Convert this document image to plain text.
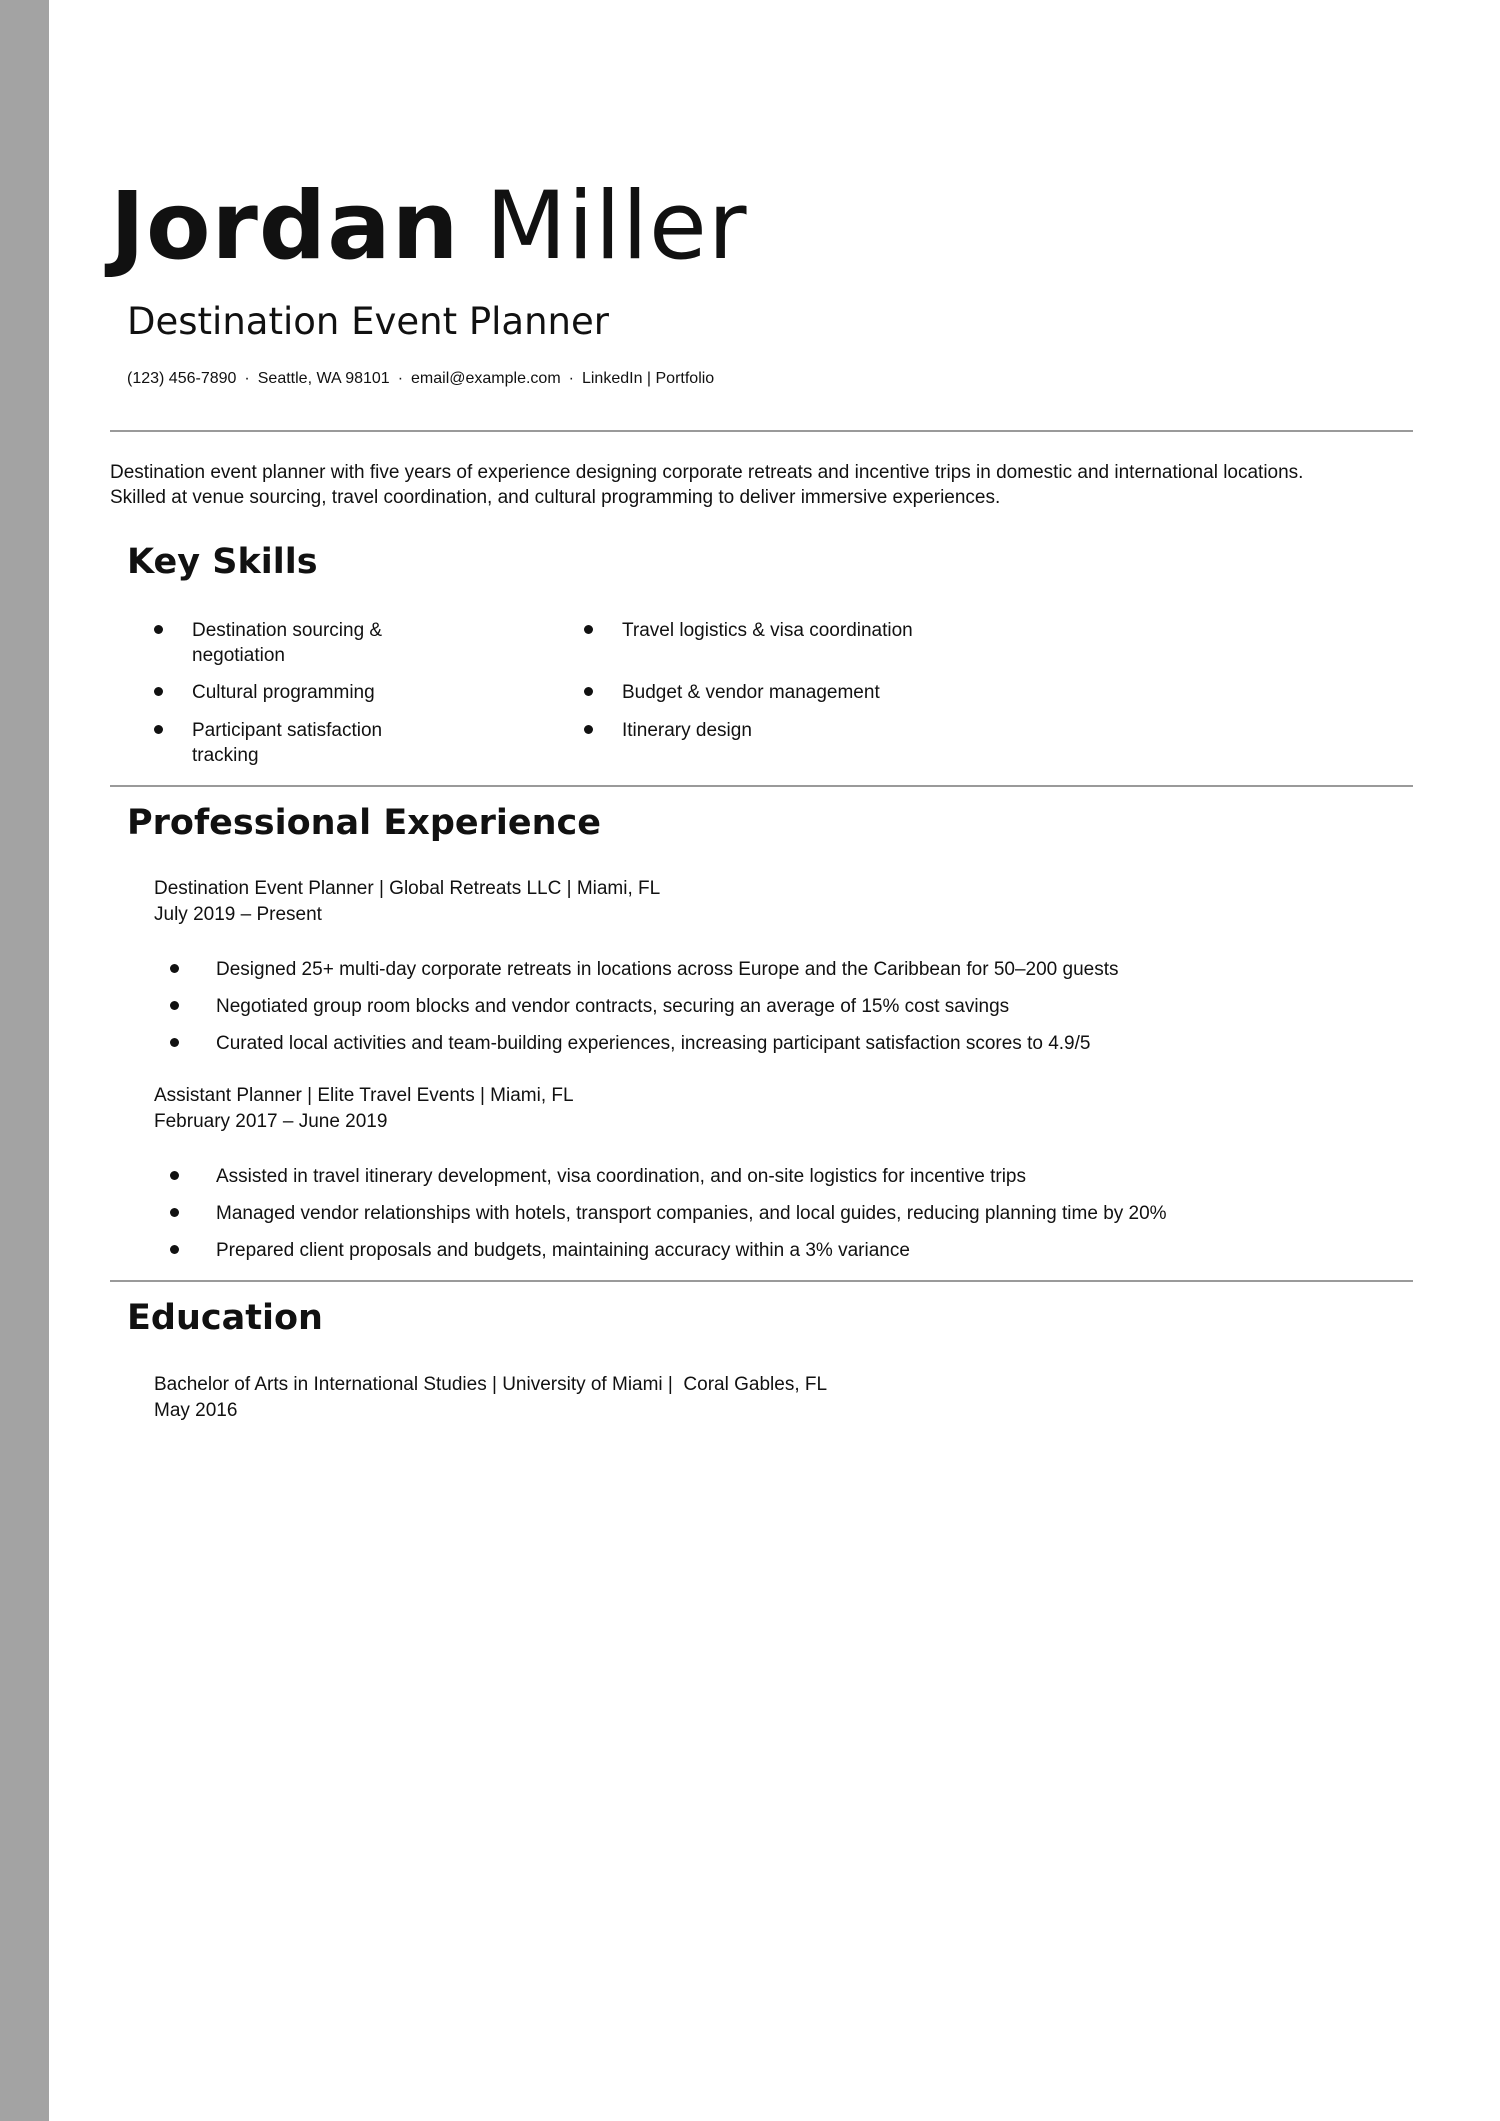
Jordan Miller
Destination Event Planner
(123) 456-7890 · Seattle, WA 98101 · email@example.com · LinkedIn | Portfolio

Destination event planner with five years of experience designing corporate retreats and incentive trips in domestic and international locations.

Skilled at venue sourcing, travel coordination, and cultural programming to deliver immersive experiences.

Key Skills
Destination sourcing & negotiation
Travel logistics & visa coordination
Cultural programming	Budget & vendor management
Participant satisfaction tracking
Itinerary design
Professional Experience
Destination Event Planner | Global Retreats LLC | Miami, FL
July 2019 – Present
Designed 25+ multi-day corporate retreats in locations across Europe and the Caribbean for 50–200 guests
Negotiated group room blocks and vendor contracts, securing an average of 15% cost savings
Curated local activities and team-building experiences, increasing participant satisfaction scores to 4.9/5
Assistant Planner | Elite Travel Events | Miami, FL
February 2017 – June 2019
Assisted in travel itinerary development, visa coordination, and on-site logistics for incentive trips
Managed vendor relationships with hotels, transport companies, and local guides, reducing planning time by 20%
Prepared client proposals and budgets, maintaining accuracy within a 3% variance
Education
Bachelor of Arts in International Studies | University of Miami |  Coral Gables, FL
May 2016
